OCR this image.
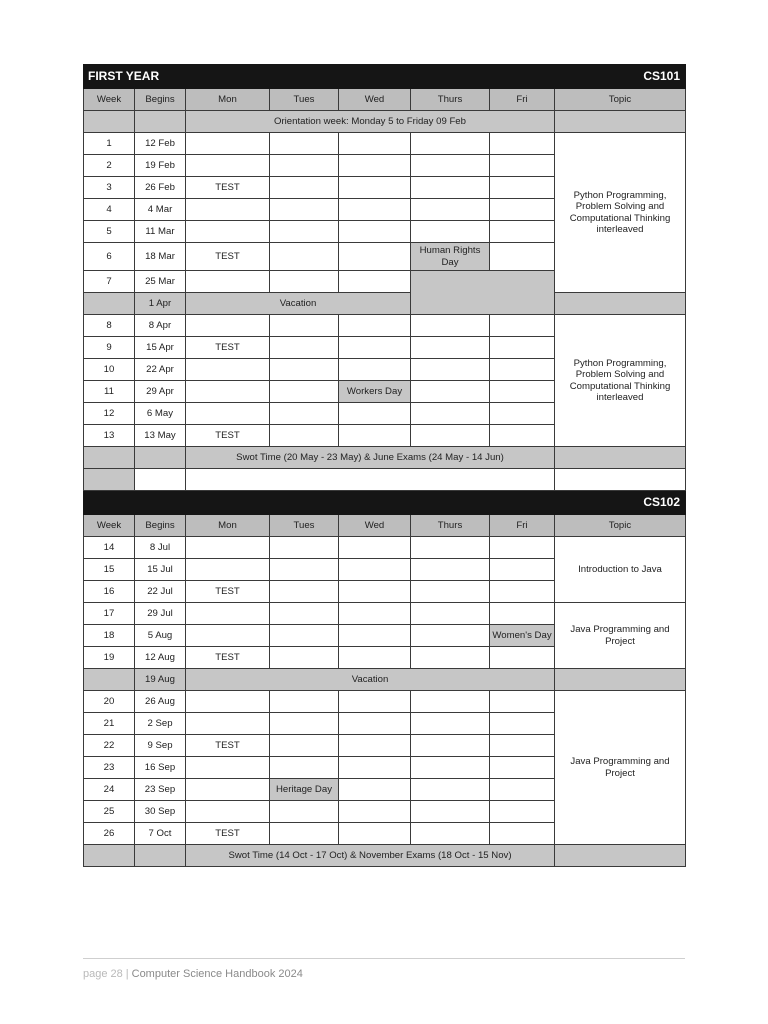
FIRST YEAR				CS101			
Week	Begins	Mon	Tues	Wed	Thurs	Fri	Topic
		Orientation week: Monday 5 to Friday 09 Feb					
1	12 Feb						Python Programming, Problem Solving and Computational Thinking interleaved
2	19 Feb						
3	26 Feb	TEST					
4	4 Mar						
5	11 Mar						
6	18 Mar	TEST			Human Rights Day		
7	25 Mar						
	1 Apr	Vacation					
8	8 Apr						Python Programming, Problem Solving and Computational Thinking interleaved
9	15 Apr	TEST					
10	22 Apr						
11	29 Apr			Workers Day			
12	6 May						
13	13 May	TEST					
		Swot Time (20 May - 23 May) & June Exams (24 May - 14 Jun)					

				CS102			
Week	Begins	Mon	Tues	Wed	Thurs	Fri	Topic
14	8 Jul						Introduction to Java
15	15 Jul						
16	22 Jul	TEST					
17	29 Jul						Java Programming and Project
18	5 Aug					Women's Day	
19	12 Aug	TEST					
	19 Aug	Vacation					
20	26 Aug						Java Programming and Project
21	2 Sep						
22	9 Sep	TEST					
23	16 Sep						
24	23 Sep		Heritage Day				
25	30 Sep						
26	7 Oct	TEST					
		Swot Time (14 Oct - 17 Oct) & November Exams (18 Oct - 15 Nov)					
page 28 | Computer Science Handbook 2024
